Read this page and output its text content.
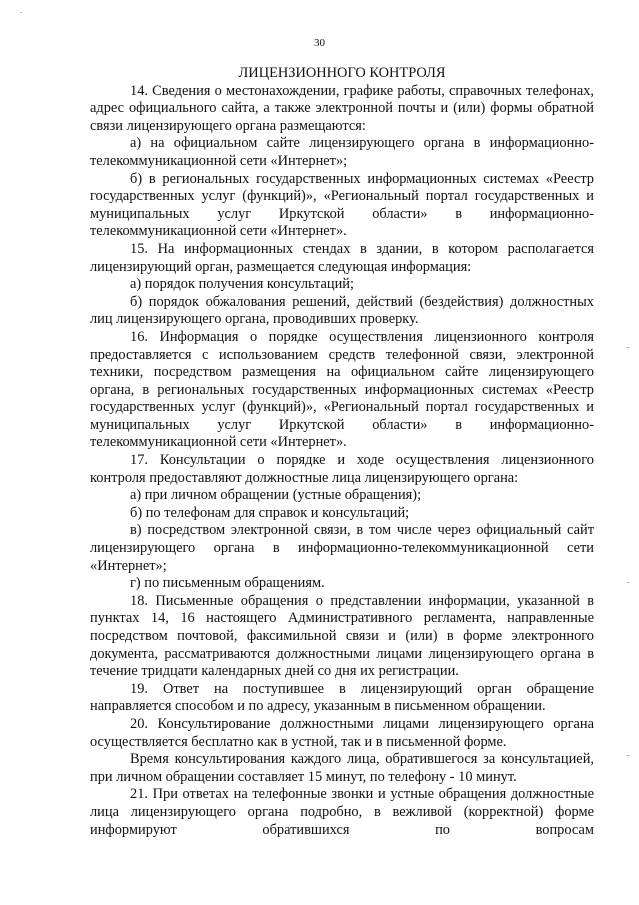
30

ЛИЦЕНЗИОННОГО КОНТРОЛЯ

14. Сведения о местонахождении, графике работы, справочных телефонах, адрес официального сайта, а также электронной почты и (или) формы обратной связи лицензирующего органа размещаются:

а) на официальном сайте лицензирующего органа в информационно-телекоммуникационной сети «Интернет»;

б) в региональных государственных информационных системах «Реестр государственных услуг (функций)», «Региональный портал государственных и муниципальных услуг Иркутской области» в информационно-телекоммуникационной сети «Интернет».

15. На информационных стендах в здании, в котором располагается лицензирующий орган, размещается следующая информация:

а) порядок получения консультаций;

б) порядок обжалования решений, действий (бездействия) должностных лиц лицензирующего органа, проводивших проверку.

16. Информация о порядке осуществления лицензионного контроля предоставляется с использованием средств телефонной связи, электронной техники, посредством размещения на официальном сайте лицензирующего органа, в региональных государственных информационных системах «Реестр государственных услуг (функций)», «Региональный портал государственных и муниципальных услуг Иркутской области» в информационно-телекоммуникационной сети «Интернет».

17. Консультации о порядке и ходе осуществления лицензионного контроля предоставляют должностные лица лицензирующего органа:

а) при личном обращении (устные обращения);

б) по телефонам для справок и консультаций;

в) посредством электронной связи, в том числе через официальный сайт лицензирующего органа в информационно-телекоммуникационной сети «Интернет»;

г) по письменным обращениям.

18. Письменные обращения о представлении информации, указанной в пунктах 14, 16 настоящего Административного регламента, направленные посредством почтовой, факсимильной связи и (или) в форме электронного документа, рассматриваются должностными лицами лицензирующего органа в течение тридцати календарных дней со дня их регистрации.

19. Ответ на поступившее в лицензирующий орган обращение направляется способом и по адресу, указанным в письменном обращении.

20. Консультирование должностными лицами лицензирующего органа осуществляется бесплатно как в устной, так и в письменной форме.

Время консультирования каждого лица, обратившегося за консультацией, при личном обращении составляет 15 минут, по телефону - 10 минут.

21. При ответах на телефонные звонки и устные обращения должностные лица лицензирующего органа подробно, в вежливой (корректной) форме информируют обратившихся по вопросам
